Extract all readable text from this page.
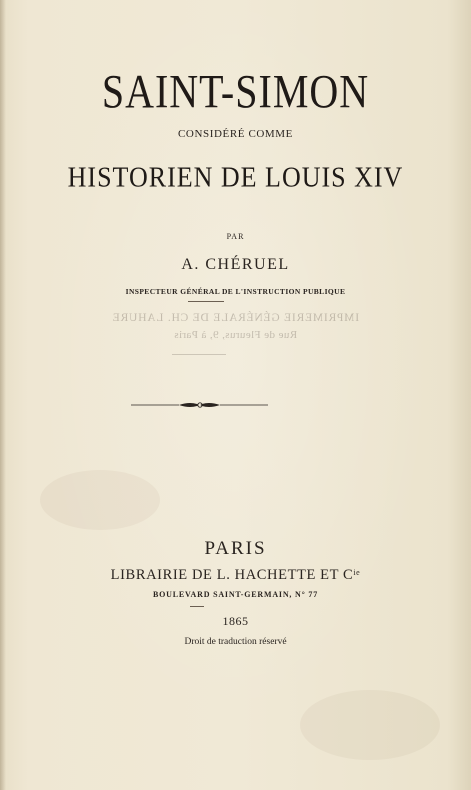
SAINT-SIMON
CONSIDÉRÉ COMME
HISTORIEN DE LOUIS XIV
PAR
A. CHÉRUEL
INSPECTEUR GÉNÉRAL DE L'INSTRUCTION PUBLIQUE
IMPRIMERIE GÉNÉRALE DE CH. LAHURE
Rue de Fleurus, 9, à Paris
PARIS
LIBRAIRIE DE L. HACHETTE ET $C^{ie}$
BOULEVARD SAINT-GERMAIN, N° 77
1865
Droit de traduction réservé
